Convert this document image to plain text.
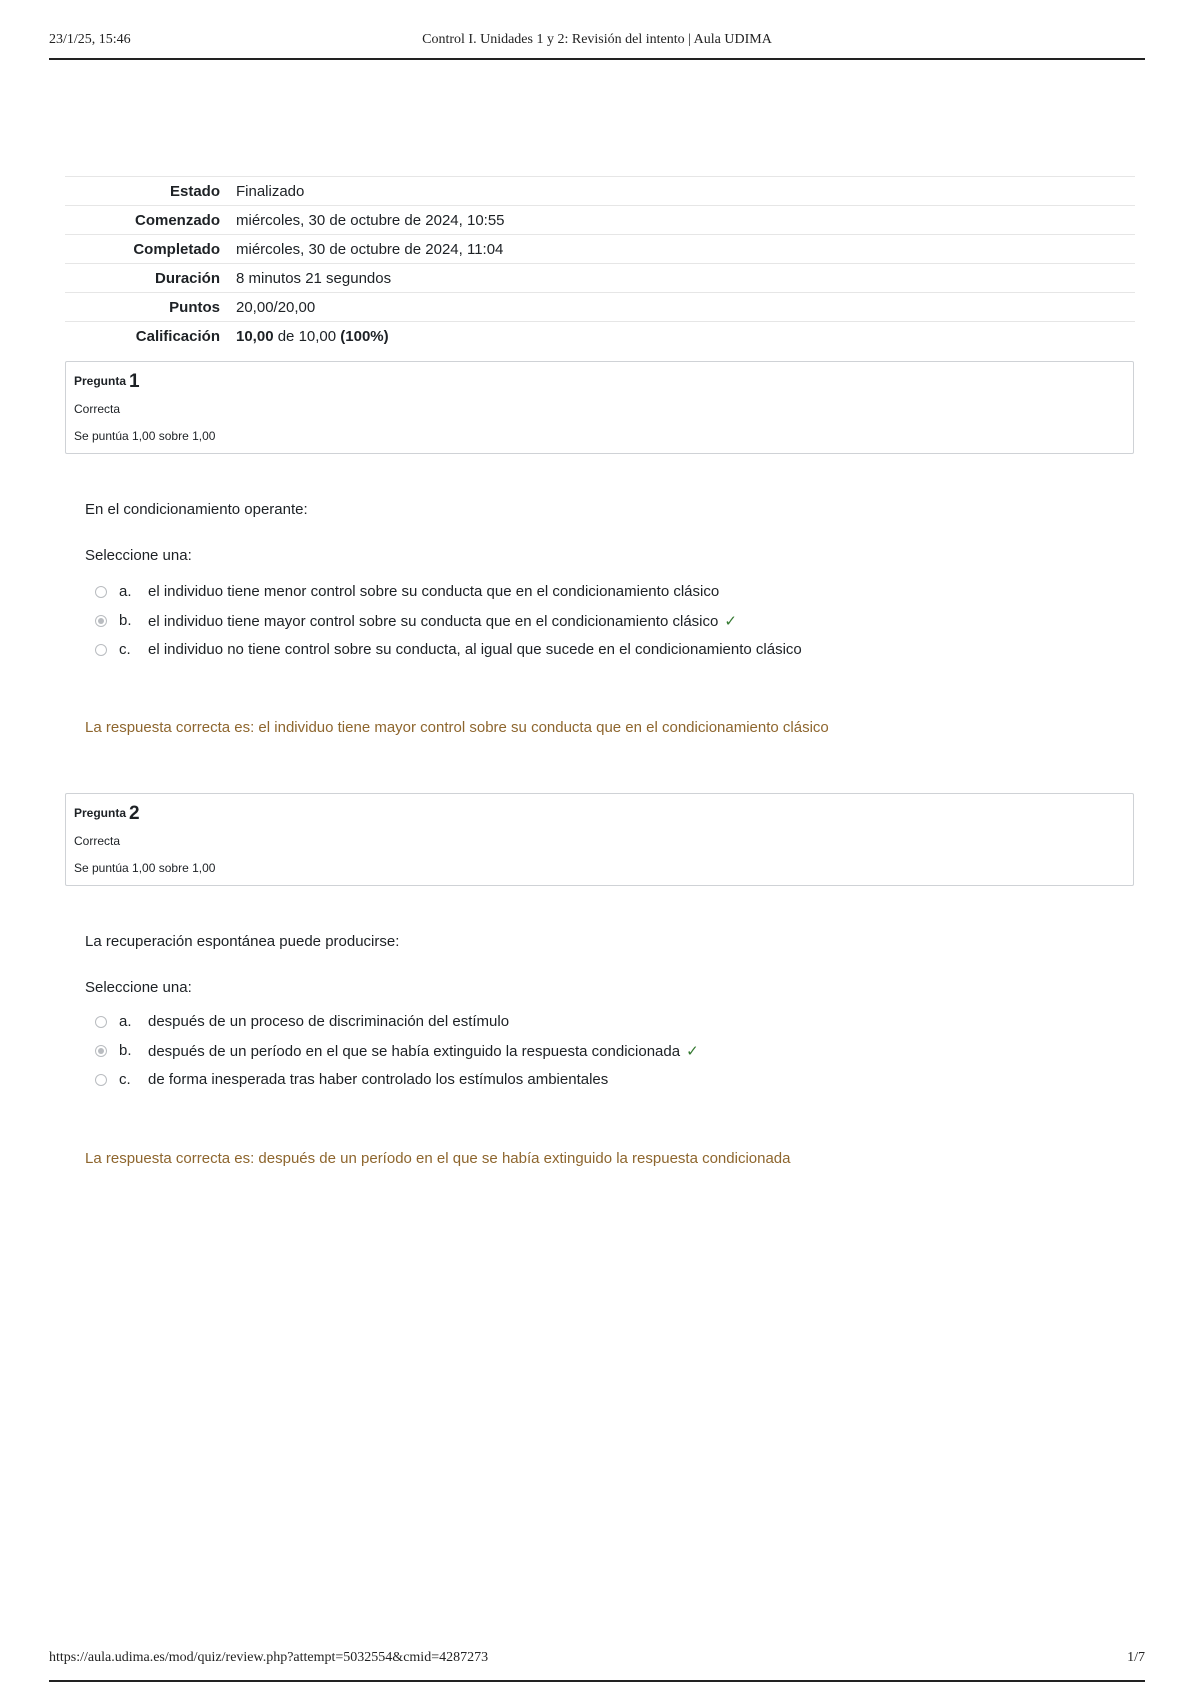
23/1/25, 15:46	Control I. Unidades 1 y 2: Revisión del intento | Aula UDIMA
Estado	Finalizado
Comenzado	miércoles, 30 de octubre de 2024, 10:55
Completado	miércoles, 30 de octubre de 2024, 11:04
Duración	8 minutos 21 segundos
Puntos	20,00/20,00
Calificación	10,00 de 10,00 (100%)
Pregunta 1
Correcta
Se puntúa 1,00 sobre 1,00
En el condicionamiento operante:
Seleccione una:
a. el individuo tiene menor control sobre su conducta que en el condicionamiento clásico
b. el individuo tiene mayor control sobre su conducta que en el condicionamiento clásico ✓
c. el individuo no tiene control sobre su conducta, al igual que sucede en el condicionamiento clásico
La respuesta correcta es: el individuo tiene mayor control sobre su conducta que en el condicionamiento clásico
Pregunta 2
Correcta
Se puntúa 1,00 sobre 1,00
La recuperación espontánea puede producirse:
Seleccione una:
a. después de un proceso de discriminación del estímulo
b. después de un período en el que se había extinguido la respuesta condicionada ✓
c. de forma inesperada tras haber controlado los estímulos ambientales
La respuesta correcta es: después de un período en el que se había extinguido la respuesta condicionada
https://aula.udima.es/mod/quiz/review.php?attempt=5032554&cmid=4287273	1/7
